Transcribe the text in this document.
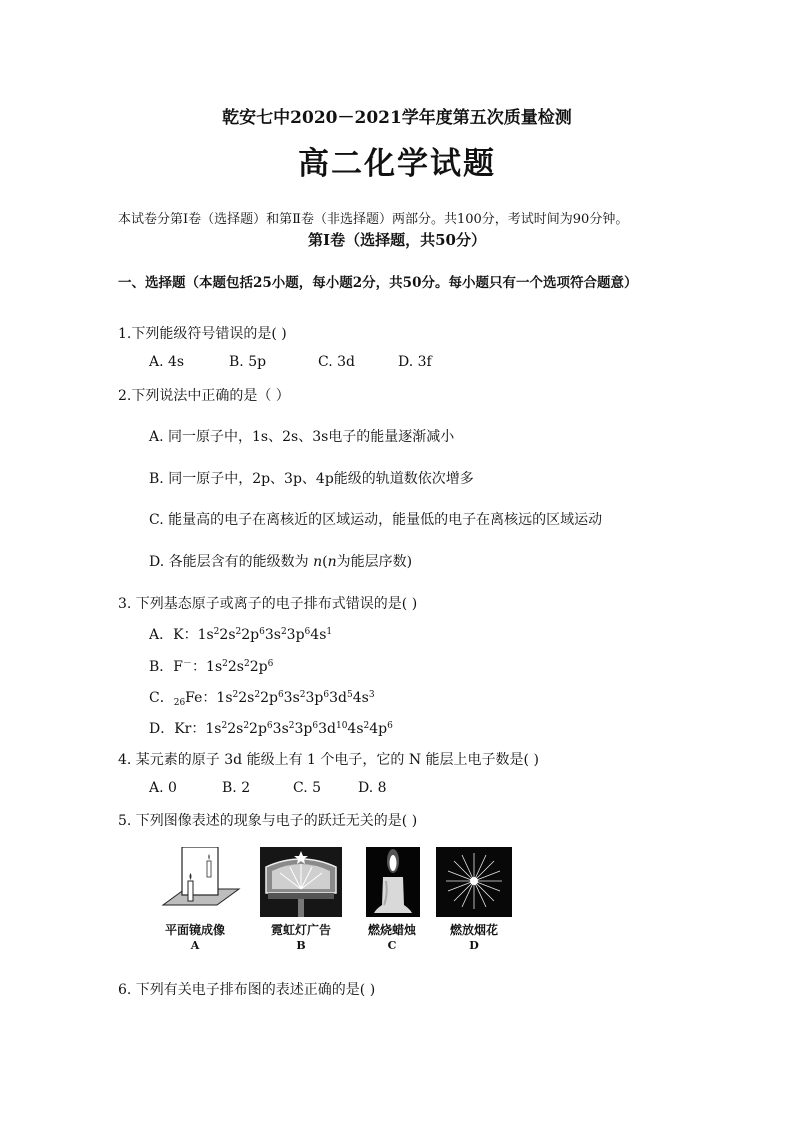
乾安七中2020－2021学年度第五次质量检测
高二化学试题
本试卷分第Ⅰ卷（选择题）和第Ⅱ卷（非选择题）两部分。共100分，考试时间为90分钟。
第Ⅰ卷（选择题，共50分）
一、选择题（本题包括25小题，每小题2分，共50分。每小题只有一个选项符合题意）
1.下列能级符号错误的是( )
A. 4s	B. 5p	C. 3d	D. 3f
2.下列说法中正确的是（ ）
A. 同一原子中，1s、2s、3s电子的能量逐渐减小
B. 同一原子中，2p、3p、4p能级的轨道数依次增多
C. 能量高的电子在离核近的区域运动，能量低的电子在离核远的区域运动
D. 各能层含有的能级数为 n(n为能层序数)
3. 下列基态原子或离子的电子排布式错误的是( )
A．K：$1s^22s^22p^63s^23p^64s^1$
B．F－：$1s^22s^22p^6$
C．$_{26}$Fe：$1s^22s^22p^63s^23p^63d^54s^3$
D．Kr：$1s^22s^22p^63s^23p^63d^{10}4s^24p^6$
4. 某元素的原子 3d 能级上有 1 个电子，它的 N 能层上电子数是( )
A. 0	B. 2	C. 5	D. 8
5. 下列图像表述的现象与电子的跃迁无关的是( )
平面镜成像
A
霓虹灯广告
B
燃烧蜡烛
C
燃放烟花
D
6. 下列有关电子排布图的表述正确的是( )
